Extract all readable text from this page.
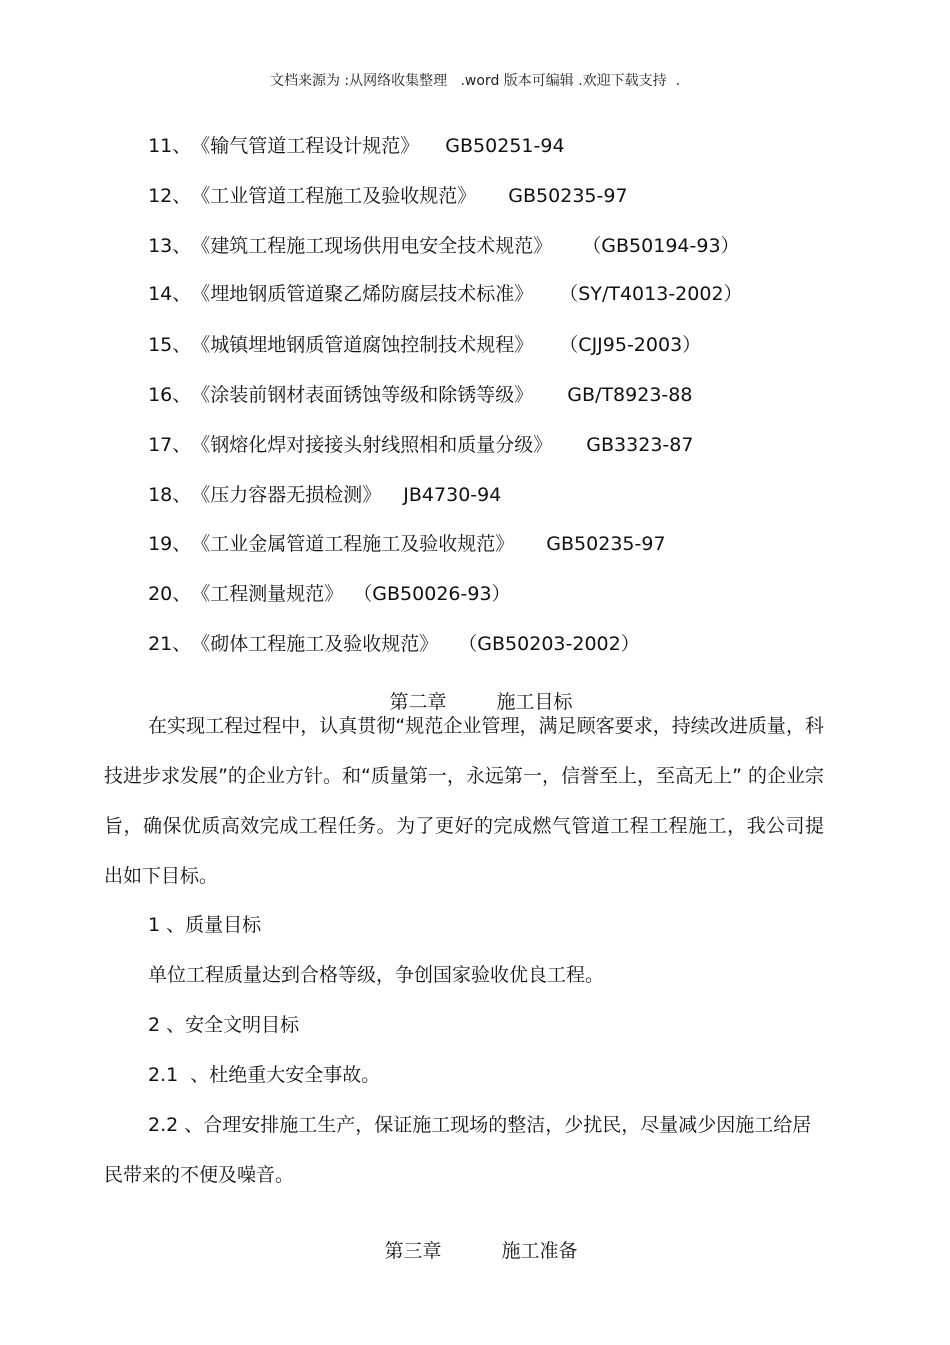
文档来源为 :从网络收集整理   .word 版本可编辑 .欢迎下载支持  .

11、《输气管道工程设计规范》 GB50251-94

12、《工业管道工程施工及验收规范》 GB50235-97

13、《建筑工程施工现场供用电安全技术规范》 （GB50194-93）

14、《埋地钢质管道聚乙烯防腐层技术标准》 （SY/T4013-2002）

15、《城镇埋地钢质管道腐蚀控制技术规程》 （CJJ95-2003）

16、《涂装前钢材表面锈蚀等级和除锈等级》 GB/T8923-88

17、《钢熔化焊对接接头射线照相和质量分级》 GB3323-87

18、《压力容器无损检测》 JB4730-94

19、《工业金属管道工程施工及验收规范》 GB50235-97

20、《工程测量规范》 （GB50026-93）

21、《砌体工程施工及验收规范》 （GB50203-2002）

第二章	施工目标

在实现工程过程中，认真贯彻“规范企业管理，满足顾客要求，持续改进质量，科技进步求发展”的企业方针。和“质量第一，永远第一，信誉至上，至高无上” 的企业宗旨，确保优质高效完成工程任务。为了更好的完成燃气管道工程工程施工，我公司提出如下目标。
1 、质量目标
单位工程质量达到合格等级，争创国家验收优良工程。
2 、安全文明目标
2.1  、杜绝重大安全事故。
2.2 、合理安排施工生产，保证施工现场的整洁，少扰民，尽量减少因施工给居民带来的不便及噪音。

第三章	施工准备
